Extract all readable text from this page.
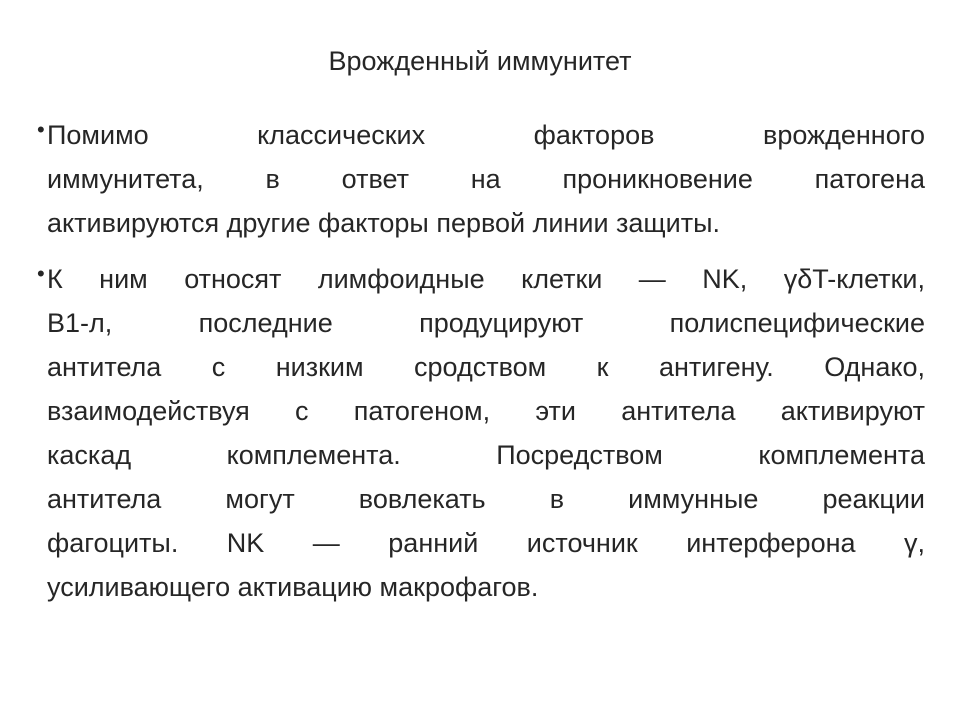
Врожденный иммунитет
• Помимо классических факторов врожденного
иммунитета, в ответ на проникновение патогена
активируются другие факторы первой линии защиты.
• К ним относят лимфоидные клетки — NK, γδT-клетки,
B1-л, последние продуцируют полиспецифические
антитела с низким сродством к антигену. Однако,
взаимодействуя с патогеном, эти антитела активируют
каскад комплемента. Посредством комплемента
антитела могут вовлекать в иммунные реакции
фагоциты. NK — ранний источник интерферона γ,
усиливающего активацию макрофагов.
